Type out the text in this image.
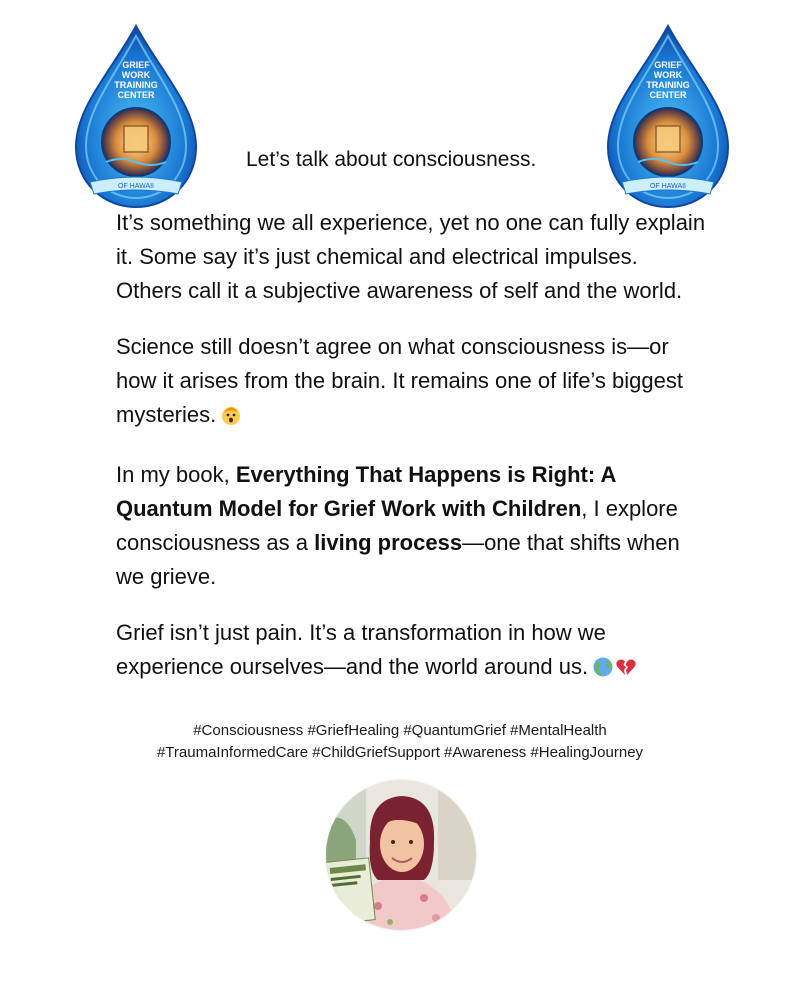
GRIEF
WORK
TRAINING
CENTER
OF HAWAII
GRIEF
WORK
TRAINING
CENTER
OF HAWAII

Let’s talk about consciousness.

It’s something we all experience, yet no one can fully explain it. Some say it’s just chemical and electrical impulses. Others call it a subjective awareness of self and the world.

Science still doesn’t agree on what consciousness is—or how it arises from the brain. It remains one of life’s biggest mysteries.

In my book, Everything That Happens is Right: A Quantum Model for Grief Work with Children, I explore consciousness as a living process—one that shifts when we grieve.

Grief isn’t just pain. It’s a transformation in how we experience ourselves—and the world around us.

#Consciousness #GriefHealing #QuantumGrief #MentalHealth
#TraumaInformedCare #ChildGriefSupport #Awareness #HealingJourney
